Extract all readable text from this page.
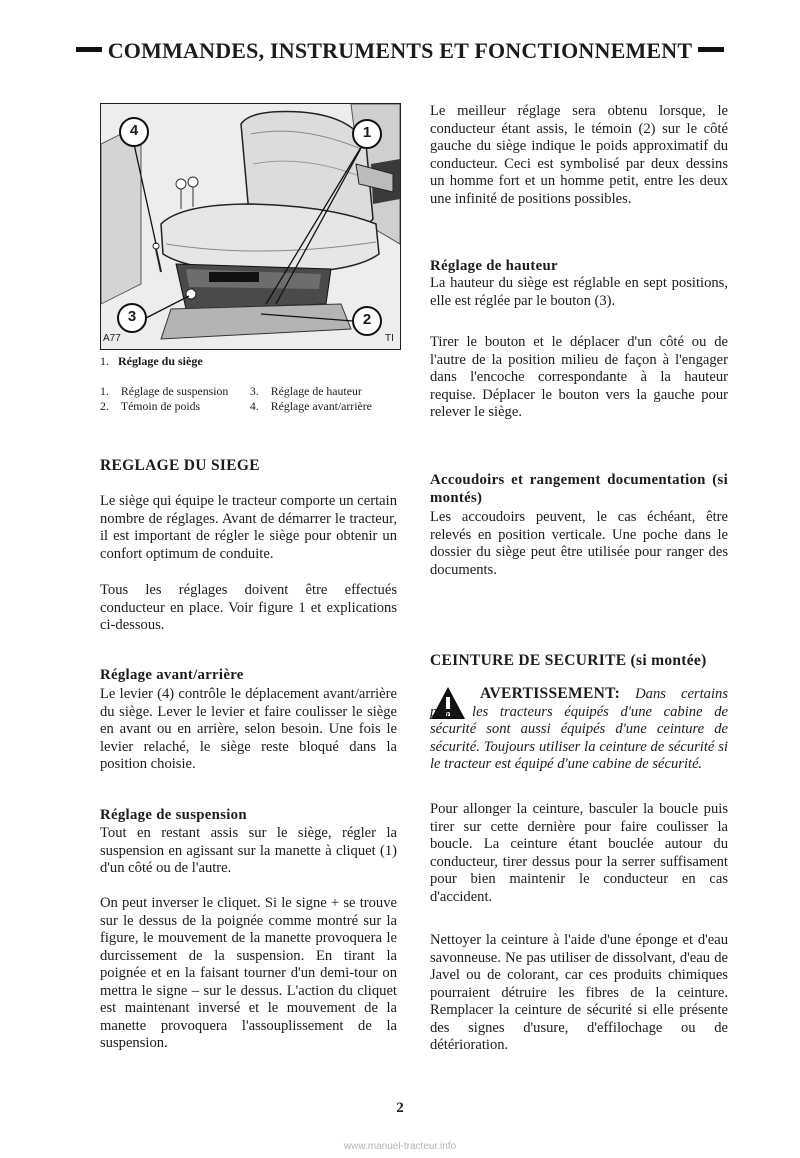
COMMANDES, INSTRUMENTS ET FONCTIONNEMENT
4	1
3	2
A77	TI
1. Réglage du siège
1.	Réglage de suspension	3.	Réglage de hauteur
2.	Témoin de poids	4.	Réglage avant/arrière
REGLAGE DU SIEGE

Le siège qui équipe le tracteur comporte un certain nombre de réglages. Avant de démarrer le tracteur, il est important de régler le siège pour obtenir un confort optimum de conduite.

Tous les réglages doivent être effectués conducteur en place. Voir figure 1 et explications ci-dessous.

Réglage avant/arrière

Le levier (4) contrôle le déplacement avant/arrière du siège. Lever le levier et faire coulisser le siège en avant ou en arrière, selon besoin. Une fois le levier relaché, le siège reste bloqué dans la position choisie.

Réglage de suspension

Tout en restant assis sur le siège, régler la suspension en agissant sur la manette à cliquet (1) d'un côté ou de l'autre.

On peut inverser le cliquet. Si le signe + se trouve sur le dessus de la poignée comme montré sur la figure, le mouvement de la manette provoquera le durcissement de la suspension. En tirant la poignée et en la faisant tourner d'un demi-tour on mettra le signe – sur le dessus. L'action du cliquet est maintenant inversé et le mouvement de la manette provoquera l'assouplissement de la suspension.

Le meilleur réglage sera obtenu lorsque, le conducteur étant assis, le témoin (2) sur le côté gauche du siège indique le poids approximatif du conducteur. Ceci est symbolisé par deux dessins un homme fort et un homme petit, entre les deux une infinité de positions possibles.

Réglage de hauteur

La hauteur du siège est réglable en sept positions, elle est réglée par le bouton (3).

Tirer le bouton et le déplacer d'un côté ou de l'autre de la position milieu de façon à l'engager dans l'encoche correspondante à la hauteur requise. Déplacer le bouton vers la gauche pour relever le siège.

Accoudoirs et rangement documentation (si montés)

Les accoudoirs peuvent, le cas échéant, être relevés en position verticale. Une poche dans le dossier du siège peut être utilisée pour ranger des documents.

CEINTURE DE SECURITE (si montée)

AVERTISSEMENT: Dans certains pays, les tracteurs équipés d'une cabine de sécurité sont aussi équipés d'une ceinture de sécurité. Toujours utiliser la ceinture de sécurité si le tracteur est équipé d'une cabine de sécurité.

Pour allonger la ceinture, basculer la boucle puis tirer sur cette dernière pour faire coulisser la boucle. La ceinture étant bouclée autour du conducteur, tirer dessus pour la serrer suffisament pour bien maintenir le conducteur en cas d'accident.

Nettoyer la ceinture à l'aide d'une éponge et d'eau savonneuse. Ne pas utiliser de dissolvant, d'eau de Javel ou de colorant, car ces produits chimiques pourraient détruire les fibres de la ceinture. Remplacer la ceinture de sécurité si elle présente des signes d'usure, d'effilochage ou de détérioration.

2
www.manuel-tracteur.info
